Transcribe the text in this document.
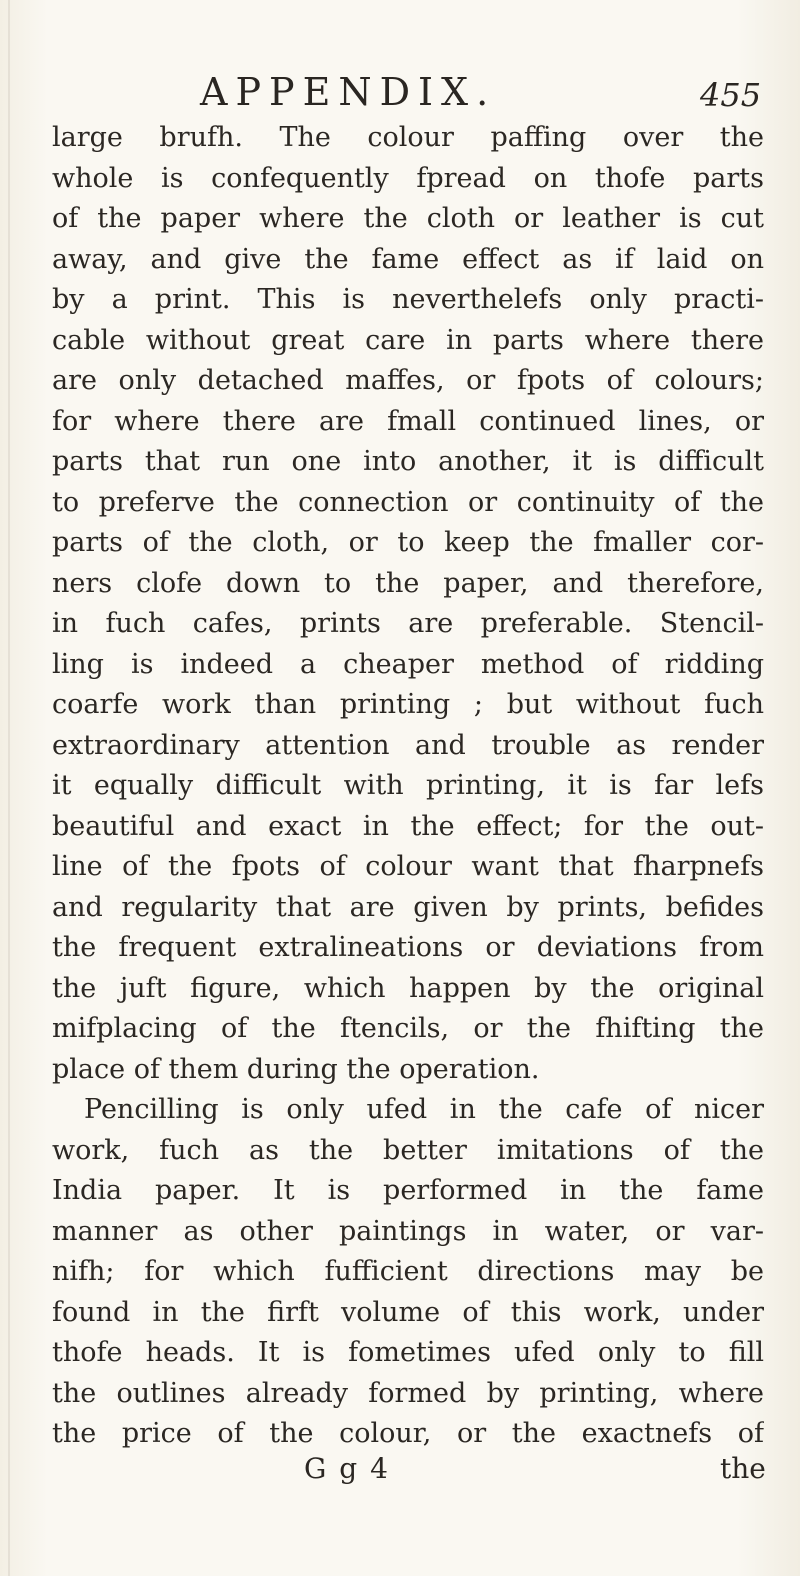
APPENDIX.	455
large brufh. The colour paffing over the
whole is confequently fpread on thofe parts
of the paper where the cloth or leather is cut
away, and give the fame effect as if laid on
by a print. This is neverthelefs only practi-
cable without great care in parts where there
are only detached maffes, or fpots of colours;
for where there are fmall continued lines, or
parts that run one into another, it is difficult
to preferve the connection or continuity of the
parts of the cloth, or to keep the fmaller cor-
ners clofe down to the paper, and therefore,
in fuch cafes, prints are preferable. Stencil-
ling is indeed a cheaper method of ridding
coarfe work than printing ; but without fuch
extraordinary attention and trouble as render
it equally difficult with printing, it is far lefs
beautiful and exact in the effect; for the out-
line of the fpots of colour want that fharpnefs
and regularity that are given by prints, befides
the frequent extralineations or deviations from
the juft figure, which happen by the original
mifplacing of the ftencils, or the fhifting the
place of them during the operation.
Pencilling is only ufed in the cafe of nicer
work, fuch as the better imitations of the
India paper. It is performed in the fame
manner as other paintings in water, or var-
nifh; for which fufficient directions may be
found in the firft volume of this work, under
thofe heads. It is fometimes ufed only to fill
the outlines already formed by printing, where
the price of the colour, or the exactnefs of
G g 4	the
